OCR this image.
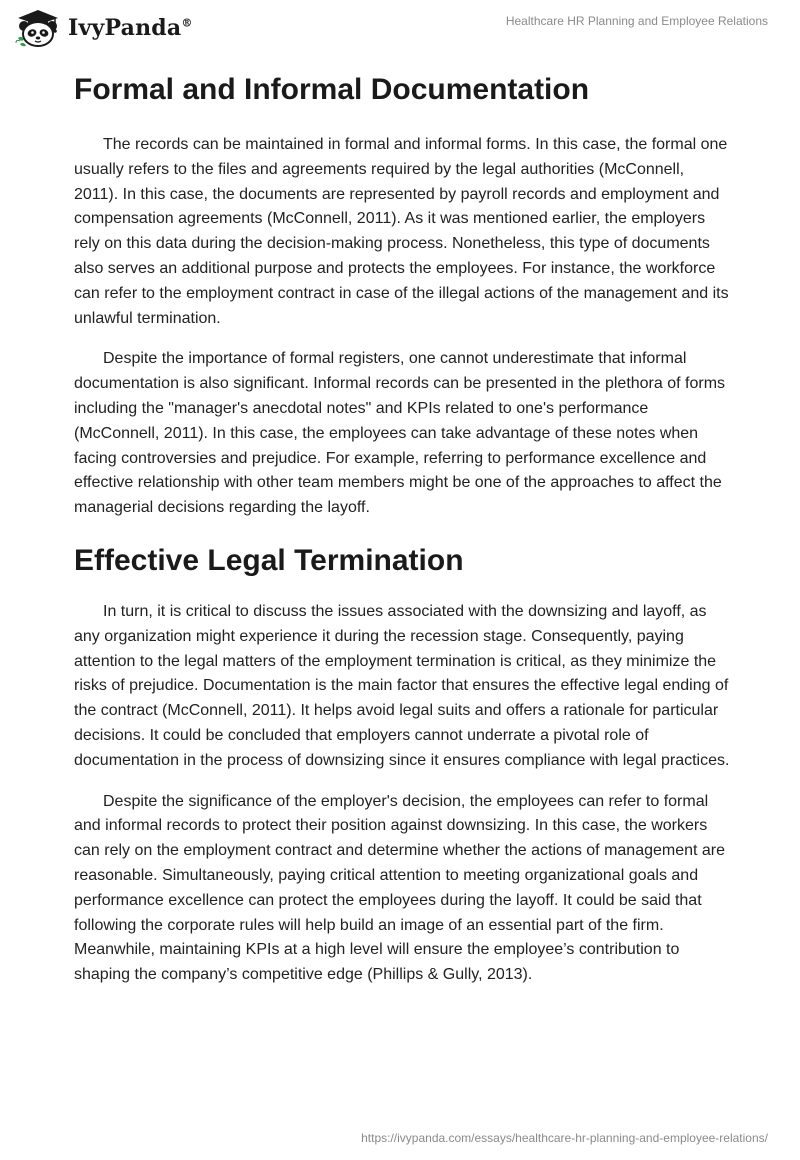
IvyPanda®	Healthcare HR Planning and Employee Relations
Formal and Informal Documentation

The records can be maintained in formal and informal forms. In this case, the formal one usually refers to the files and agreements required by the legal authorities (McConnell, 2011). In this case, the documents are represented by payroll records and employment and compensation agreements (McConnell, 2011). As it was mentioned earlier, the employers rely on this data during the decision-making process. Nonetheless, this type of documents also serves an additional purpose and protects the employees. For instance, the workforce can refer to the employment contract in case of the illegal actions of the management and its unlawful termination.

Despite the importance of formal registers, one cannot underestimate that informal documentation is also significant. Informal records can be presented in the plethora of forms including the "manager's anecdotal notes" and KPIs related to one's performance (McConnell, 2011). In this case, the employees can take advantage of these notes when facing controversies and prejudice. For example, referring to performance excellence and effective relationship with other team members might be one of the approaches to affect the managerial decisions regarding the layoff.

Effective Legal Termination

In turn, it is critical to discuss the issues associated with the downsizing and layoff, as any organization might experience it during the recession stage. Consequently, paying attention to the legal matters of the employment termination is critical, as they minimize the risks of prejudice. Documentation is the main factor that ensures the effective legal ending of the contract (McConnell, 2011). It helps avoid legal suits and offers a rationale for particular decisions. It could be concluded that employers cannot underrate a pivotal role of documentation in the process of downsizing since it ensures compliance with legal practices.

Despite the significance of the employer's decision, the employees can refer to formal and informal records to protect their position against downsizing. In this case, the workers can rely on the employment contract and determine whether the actions of management are reasonable. Simultaneously, paying critical attention to meeting organizational goals and performance excellence can protect the employees during the layoff. It could be said that following the corporate rules will help build an image of an essential part of the firm. Meanwhile, maintaining KPIs at a high level will ensure the employee’s contribution to shaping the company’s competitive edge (Phillips & Gully, 2013).

https://ivypanda.com/essays/healthcare-hr-planning-and-employee-relations/
